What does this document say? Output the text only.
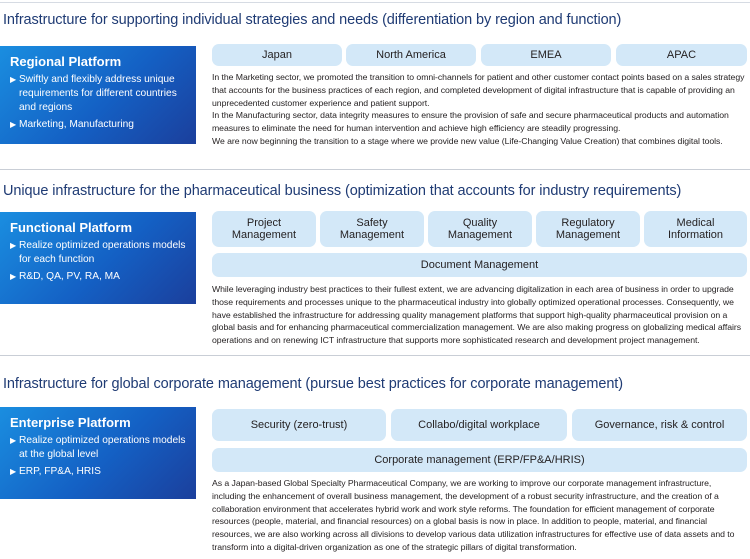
Infrastructure for supporting individual strategies and needs (differentiation by region and function)
Regional Platform
▶ Swiftly and flexibly address unique requirements for different countries and regions
▶ Marketing, Manufacturing
Japan	North America	EMEA	APAC

In the Marketing sector, we promoted the transition to omni-channels for patient and other customer contact points based on a sales strategy that accounts for the business practices of each region, and completed development of digital infrastructure that is capable of providing an unprecedented customer experience and patient support.

In the Manufacturing sector, data integrity measures to ensure the provision of safe and secure pharmaceutical products and automation measures to eliminate the need for human intervention and achieve high efficiency are steadily progressing.

We are now beginning the transition to a stage where we provide new value (Life-Changing Value Creation) that combines digital tools.

Unique infrastructure for the pharmaceutical business (optimization that accounts for industry requirements)
Functional Platform
▶ Realize optimized operations models for each function
▶ R&D, QA, PV, RA, MA
Project
Management
Safety
Management
Quality
Management
Regulatory
Management
Medical
Information
Document Management

While leveraging industry best practices to their fullest extent, we are advancing digitalization in each area of business in order to upgrade those requirements and processes unique to the pharmaceutical industry into globally optimized operational processes. Consequently, we have established the infrastructure for addressing quality management platforms that support high-quality pharmaceutical provision on a global basis and for enhancing pharmaceutical commercialization management. We are also making progress on globalizing medical affairs operations and on renewing ICT infrastructure that supports more sophisticated research and development project management.

Infrastructure for global corporate management (pursue best practices for corporate management)
Enterprise Platform
▶ Realize optimized operations models at the global level
▶ ERP, FP&A, HRIS
Security (zero-trust)	Collabo/digital workplace	Governance, risk & control
Corporate management (ERP/FP&A/HRIS)

As a Japan-based Global Specialty Pharmaceutical Company, we are working to improve our corporate management infrastructure, including the enhancement of overall business management, the development of a robust security infrastructure, and the creation of a collaboration environment that accelerates hybrid work and work style reforms. The foundation for efficient management of corporate resources (people, material, and financial resources) on a global basis is now in place. In addition to people, material, and financial resources, we are also working across all divisions to develop various data utilization infrastructures for effective use of data assets and to transform into a digital-driven organization as one of the strategic pillars of digital transformation.
